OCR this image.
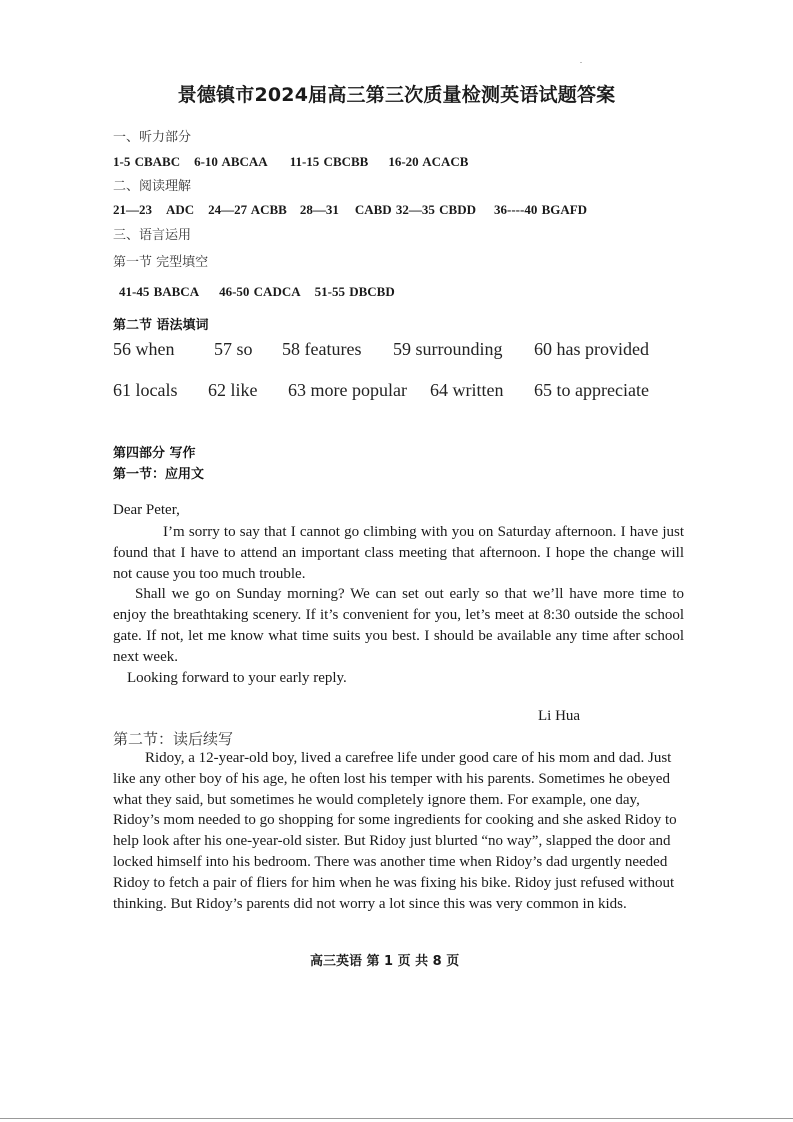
.
景德镇市2024届高三第三次质量检测英语试题答案
一、听力部分
1-5 CBABC 6-10 ABCAA 11-15 CBCBB 16-20 ACACB
二、阅读理解
21—23 ADC 24—27 ACBB 28—31 CABD 32—35 CBDD 36----40 BGAFD
三、语言运用
第一节 完型填空
41-45 BABCA 46-50 CADCA 51-55 DBCBD
第二节 语法填词
56 when 57 so 58 features 59 surrounding 60 has provided
61 locals 62 like 63 more popular 64 written 65 to appreciate
第四部分 写作
第一节：应用文
Dear Peter,

I’m sorry to say that I cannot go climbing with you on Saturday afternoon. I have just found that I have to attend an important class meeting that afternoon. I hope the change will not cause you too much trouble.

Shall we go on Sunday morning? We can set out early so that we’ll have more time to enjoy the breathtaking scenery. If it’s convenient for you, let’s meet at 8:30 outside the school gate. If not, let me know what time suits you best. I should be available any time after school next week.

Looking forward to your early reply.

Li Hua
第二节：读后续写

Ridoy, a 12-year-old boy, lived a carefree life under good care of his mom and dad. Just like any other boy of his age, he often lost his temper with his parents. Sometimes he obeyed what they said, but sometimes he would completely ignore them. For example, one day, Ridoy’s mom needed to go shopping for some ingredients for cooking and she asked Ridoy to help look after his one-year-old sister. But Ridoy just blurted “no way”, slapped the door and locked himself into his bedroom. There was another time when Ridoy’s dad urgently needed Ridoy to fetch a pair of fliers for him when he was fixing his bike. Ridoy just refused without thinking. But Ridoy’s parents did not worry a lot since this was very common in kids.

高三英语 第 1 页 共 8 页
